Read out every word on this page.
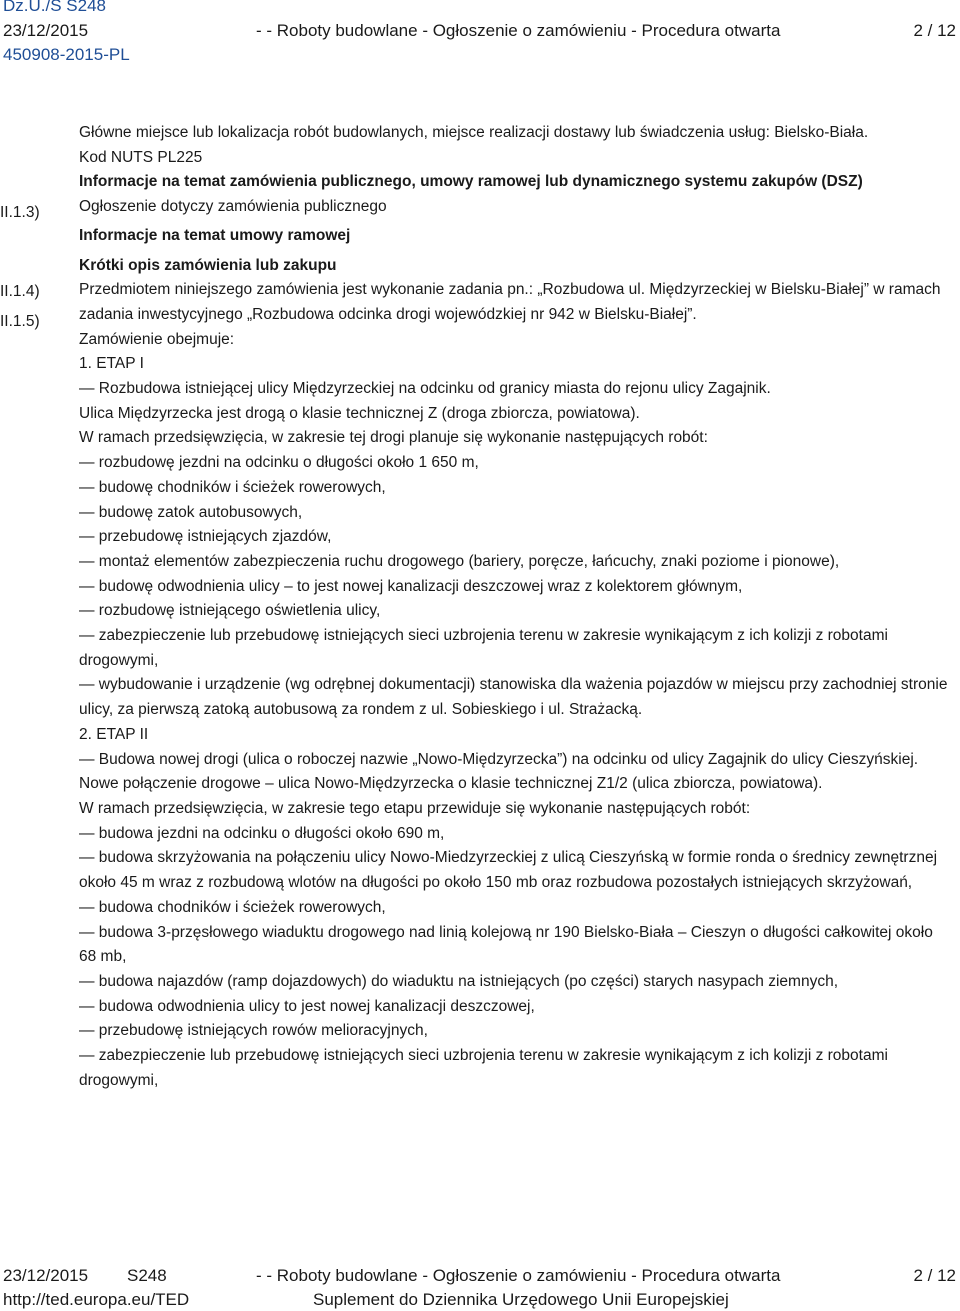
Dz.U./S S248
23/12/2015	- - Roboty budowlane - Ogłoszenie o zamówieniu - Procedura otwarta	2 / 12
450908-2015-PL
II.1.3)
II.1.4)
II.1.5)

Główne miejsce lub lokalizacja robót budowlanych, miejsce realizacji dostawy lub świadczenia usług: Bielsko-Biała.

Kod NUTS PL225

Informacje na temat zamówienia publicznego, umowy ramowej lub dynamicznego systemu zakupów (DSZ)

Ogłoszenie dotyczy zamówienia publicznego

Informacje na temat umowy ramowej

Krótki opis zamówienia lub zakupu

Przedmiotem niniejszego zamówienia jest wykonanie zadania pn.: „Rozbudowa ul. Międzyrzeckiej w Bielsku-Białej” w ramach zadania inwestycyjnego „Rozbudowa odcinka drogi wojewódzkiej nr 942 w Bielsku-Białej”.

Zamówienie obejmuje:

1. ETAP I

— Rozbudowa istniejącej ulicy Międzyrzeckiej na odcinku od granicy miasta do rejonu ulicy Zagajnik.

Ulica Międzyrzecka jest drogą o klasie technicznej Z (droga zbiorcza, powiatowa).

W ramach przedsięwzięcia, w zakresie tej drogi planuje się wykonanie następujących robót:

— rozbudowę jezdni na odcinku o długości około 1 650 m,

— budowę chodników i ścieżek rowerowych,

— budowę zatok autobusowych,

— przebudowę istniejących zjazdów,

— montaż elementów zabezpieczenia ruchu drogowego (bariery, poręcze, łańcuchy, znaki poziome i pionowe),

— budowę odwodnienia ulicy – to jest nowej kanalizacji deszczowej wraz z kolektorem głównym,

— rozbudowę istniejącego oświetlenia ulicy,

— zabezpieczenie lub przebudowę istniejących sieci uzbrojenia terenu w zakresie wynikającym z ich kolizji z robotami drogowymi,

— wybudowanie i urządzenie (wg odrębnej dokumentacji) stanowiska dla ważenia pojazdów w miejscu przy zachodniej stronie ulicy, za pierwszą zatoką autobusową za rondem z ul. Sobieskiego i ul. Strażacką.

2. ETAP II

— Budowa nowej drogi (ulica o roboczej nazwie „Nowo-Międzyrzecka”) na odcinku od ulicy Zagajnik do ulicy Cieszyńskiej.

Nowe połączenie drogowe – ulica Nowo-Międzyrzecka o klasie technicznej Z1/2 (ulica zbiorcza, powiatowa).

W ramach przedsięwzięcia, w zakresie tego etapu przewiduje się wykonanie następujących robót:

— budowa jezdni na odcinku o długości około 690 m,

— budowa skrzyżowania na połączeniu ulicy Nowo-Miedzyrzeckiej z ulicą Cieszyńską w formie ronda o średnicy zewnętrznej około 45 m wraz z rozbudową wlotów na długości po około 150 mb oraz rozbudowa pozostałych istniejących skrzyżowań,

— budowa chodników i ścieżek rowerowych,

— budowa 3-przęsłowego wiaduktu drogowego nad linią kolejową nr 190 Bielsko-Biała – Cieszyn o długości całkowitej około 68 mb,

— budowa najazdów (ramp dojazdowych) do wiaduktu na istniejących (po części) starych nasypach ziemnych,

— budowa odwodnienia ulicy to jest nowej kanalizacji deszczowej,

— przebudowę istniejących rowów melioracyjnych,

— zabezpieczenie lub przebudowę istniejących sieci uzbrojenia terenu w zakresie wynikającym z ich kolizji z robotami drogowymi,

23/12/2015 S248	- - Roboty budowlane - Ogłoszenie o zamówieniu - Procedura otwarta	2 / 12
http://ted.europa.eu/TED	Suplement do Dziennika Urzędowego Unii Europejskiej
